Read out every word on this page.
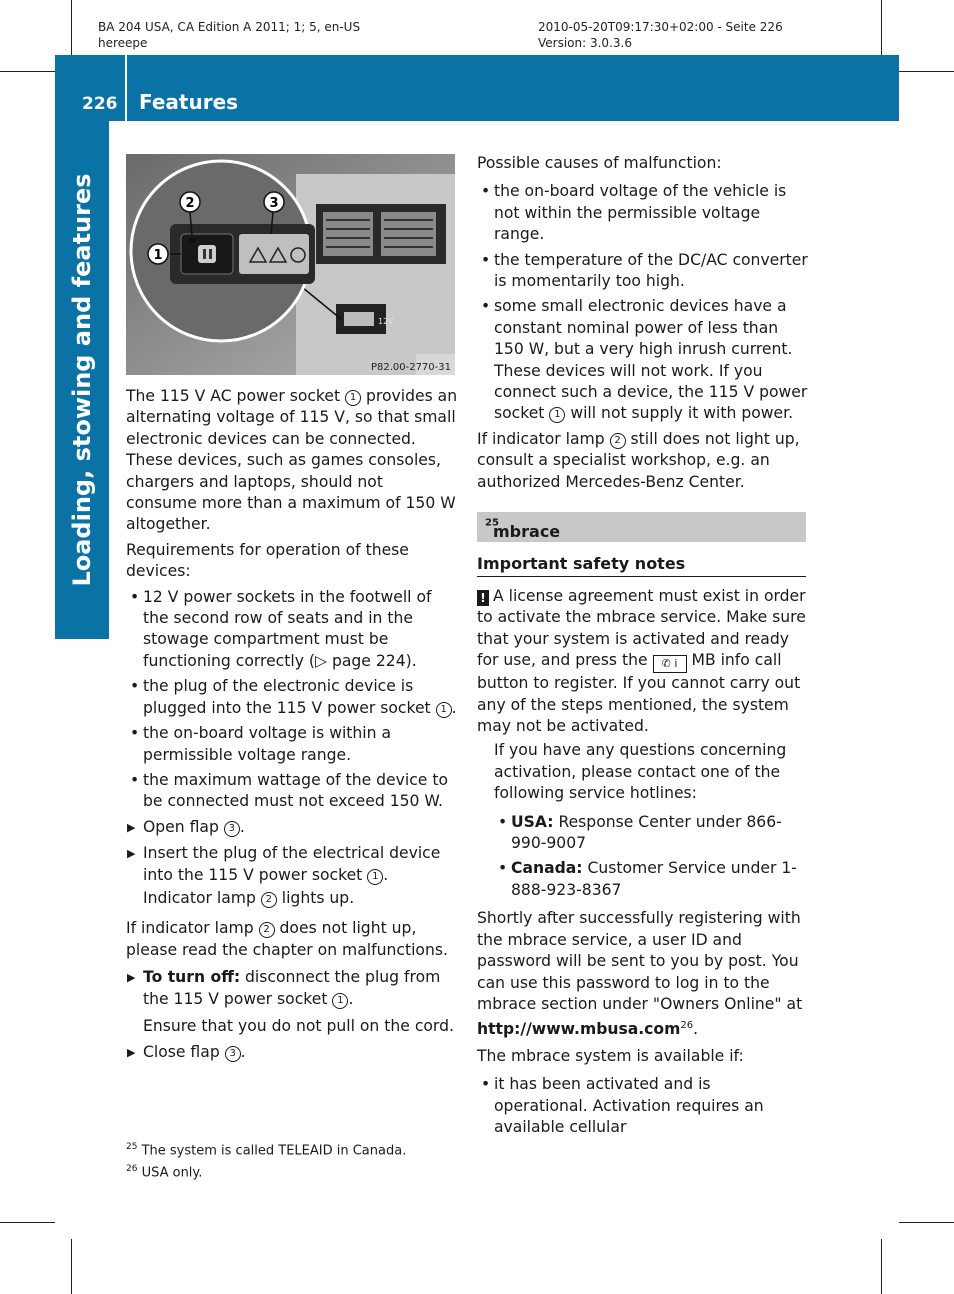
BA 204 USA, CA Edition A 2011; 1; 5, en-US
hereepe
2010-05-20T09:17:30+02:00 - Seite 226
Version: 3.0.3.6
226 Features
Loading, stowing and features	12V
1
2	3
P82.00-2770-31

The 115 V AC power socket 1 provides an alternating voltage of 115 V, so that small electronic devices can be connected. These devices, such as games consoles, chargers and laptops, should not consume more than a maximum of 150 W altogether.

Requirements for operation of these devices:

• 12 V power sockets in the footwell of the second row of seats and in the stowage compartment must be functioning correctly (▷ page 224).
• the plug of the electronic device is plugged into the 115 V power socket 1 .
• the on-board voltage is within a permissible voltage range.
• the maximum wattage of the device to be connected must not exceed 150 W.
▶ Open flap 3 .
▶ Insert the plug of the electrical device into the 115 V power socket 1 .
Indicator lamp 2 lights up.

If indicator lamp 2 does not light up, please read the chapter on malfunctions.

▶ To turn off: disconnect the plug from the 115 V power socket 1 .
Ensure that you do not pull on the cord.
▶ Close flap 3 .

Possible causes of malfunction:

• the on-board voltage of the vehicle is not within the permissible voltage range.
• the temperature of the DC/AC converter is momentarily too high.
• some small electronic devices have a constant nominal power of less than 150 W, but a very high inrush current. These devices will not work. If you connect such a device, the 115 V power socket 1 will not supply it with power.

If indicator lamp 2 still does not light up, consult a specialist workshop, e.g. an authorized Mercedes-Benz Center.

mbrace
$^{25}$
Important safety notes
! A license agreement must exist in order to activate the mbrace service. Make sure that your system is activated and ready for use, and press the ✆ i MB info call button to register. If you cannot carry out any of the steps mentioned, the system may not be activated.
If you have any questions concerning activation, please contact one of the following service hotlines:
• USA: Response Center under 866-990-9007
• Canada: Customer Service under 1-888-923-8367

Shortly after successfully registering with the mbrace service, a user ID and password will be sent to you by post. You can use this password to log in to the mbrace section under "Owners Online" at http://www.mbusa.com$^{26}$.

The mbrace system is available if:

• it has been activated and is operational. Activation requires an available cellular
$^{25}$ The system is called TELEAID in Canada.
$^{26}$ USA only.
